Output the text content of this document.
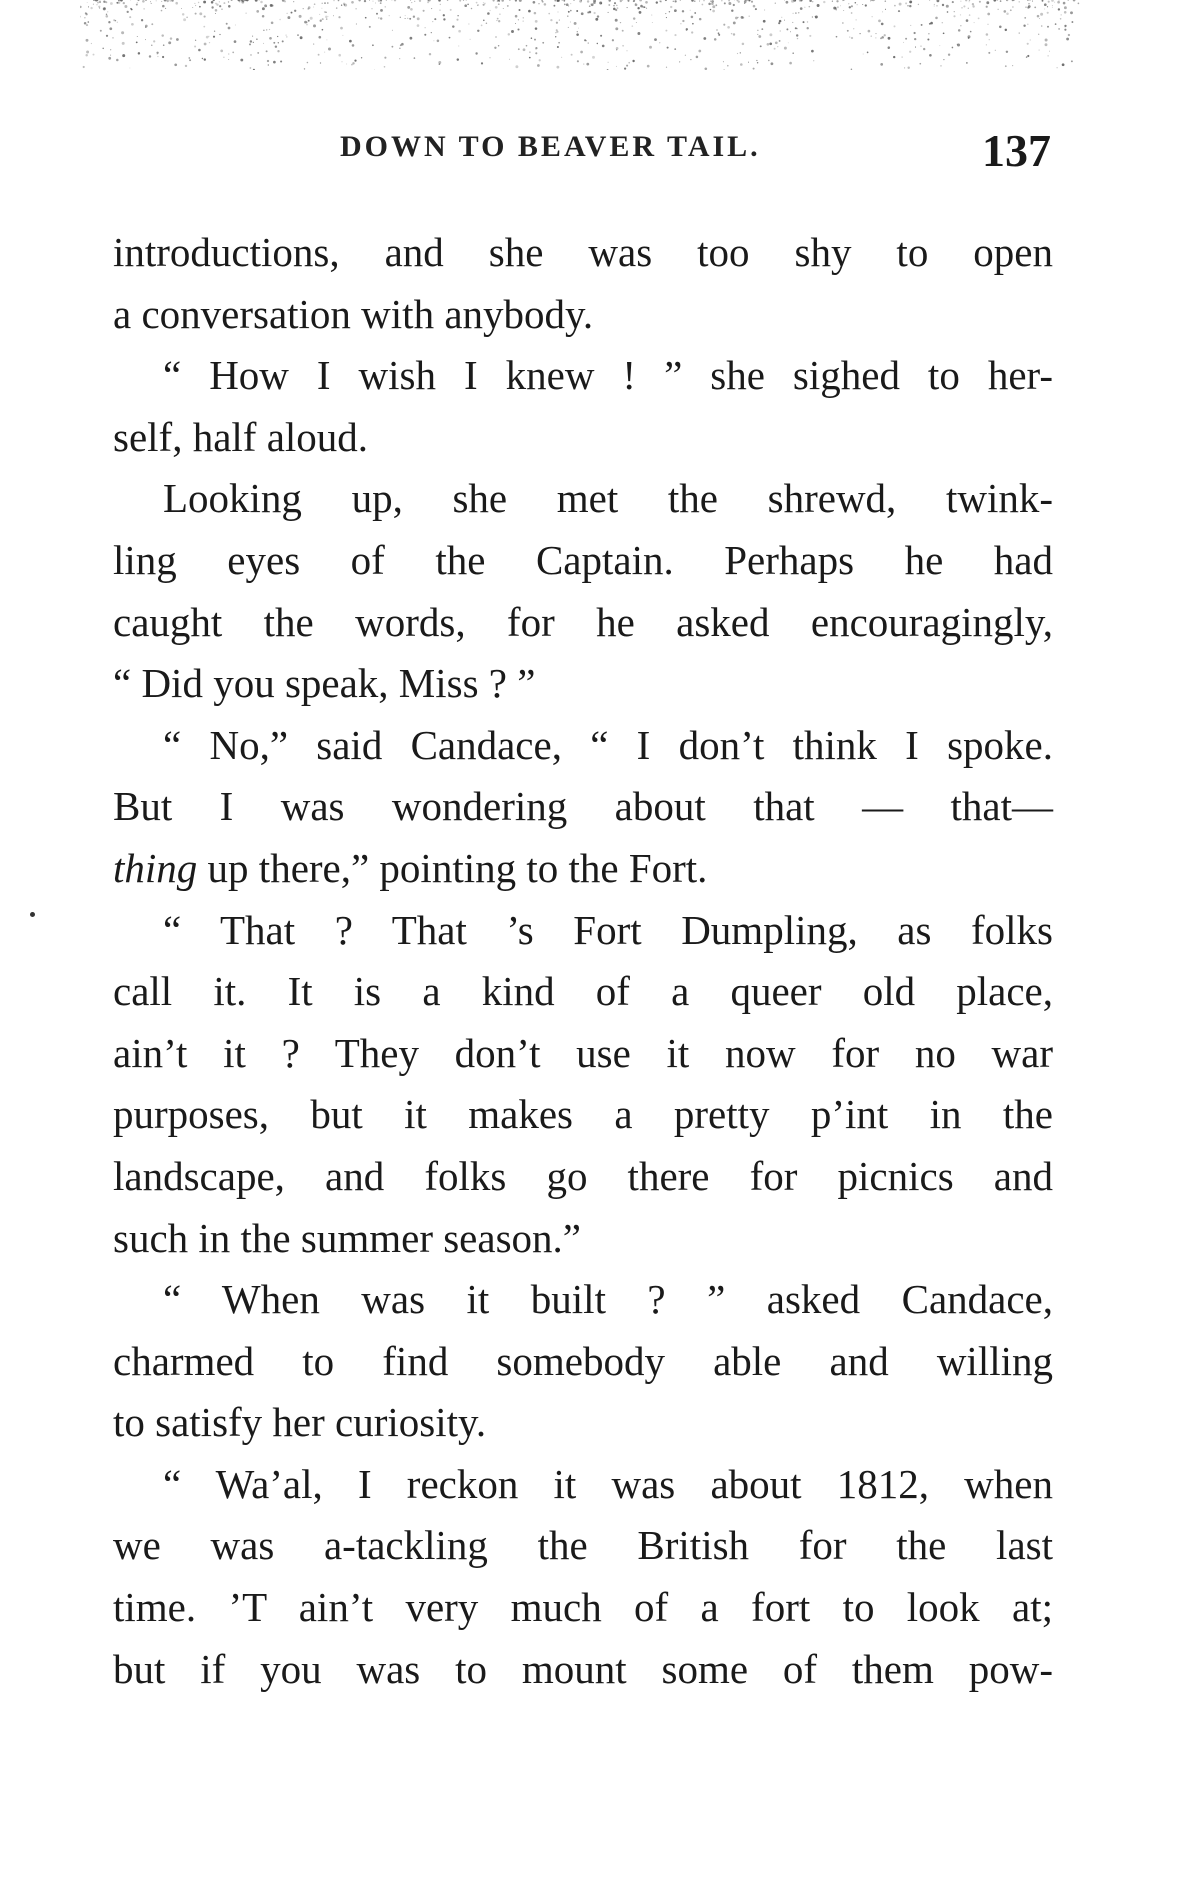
DOWN TO BEAVER TAIL.	137

introductions, and she was too shy to open

a conversation with anybody.

“ How I wish I knew ! ” she sighed to her-

self, half aloud.

Looking up, she met the shrewd, twink-

ling eyes of the Captain. Perhaps he had

caught the words, for he asked encouragingly,

“ Did you speak, Miss ? ”

“ No,” said Candace, “ I don’t think I spoke.

But I was wondering about that — that—

thing up there,” pointing to the Fort.

“ That ? That ’s Fort Dumpling, as folks

call it. It is a kind of a queer old place,

ain’t it ? They don’t use it now for no war

purposes, but it makes a pretty p’int in the

landscape, and folks go there for picnics and

such in the summer season.”

“ When was it built ? ” asked Candace,

charmed to find somebody able and willing

to satisfy her curiosity.

“ Wa’al, I reckon it was about 1812, when

we was a-tackling the British for the last

time. ’T ain’t very much of a fort to look at;

but if you was to mount some of them pow-
